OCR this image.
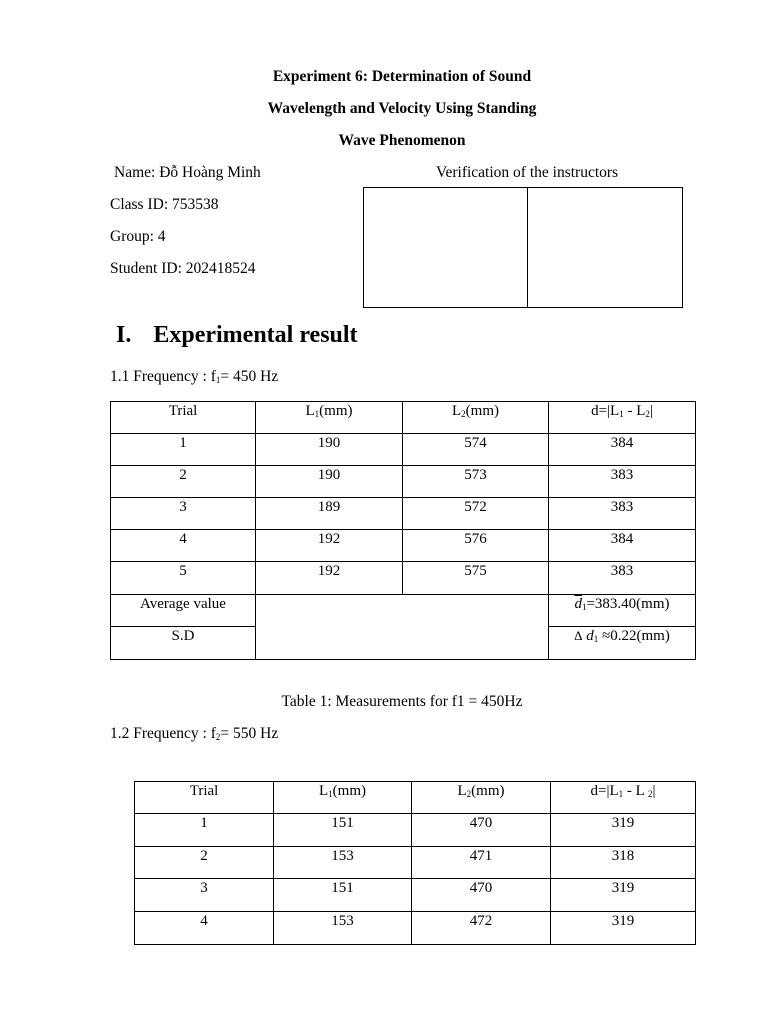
Experiment 6: Determination of Sound
Wavelength and Velocity Using Standing
Wave Phenomenon
Name: Đỗ Hoàng Minh
Class ID: 753538
Group: 4
Student ID: 202418524
Verification of the instructors
I. Experimental result
1.1 Frequency : $f_1= 450$ Hz
Trial	$L_1(mm)$	$L_2(mm)$	$d=|L_1 - L_2|$
1	190	574	384
2	190	573	383
3	189	572	383
4	192	576	384
5	192	575	383
Average value			$\overline{d}_1=383.40(mm)$
S.D			Δ $d_1 \approx 0.22(mm)$
Table 1: Measurements for f1 = 450Hz
1.2 Frequency : $f_2= 550$ Hz
Trial	$L_1(mm)$	$L_2(mm)$	$d=|L_1 - L$ $_2$|
1	151	470	319
2	153	471	318
3	151	470	319
4	153	472	319
